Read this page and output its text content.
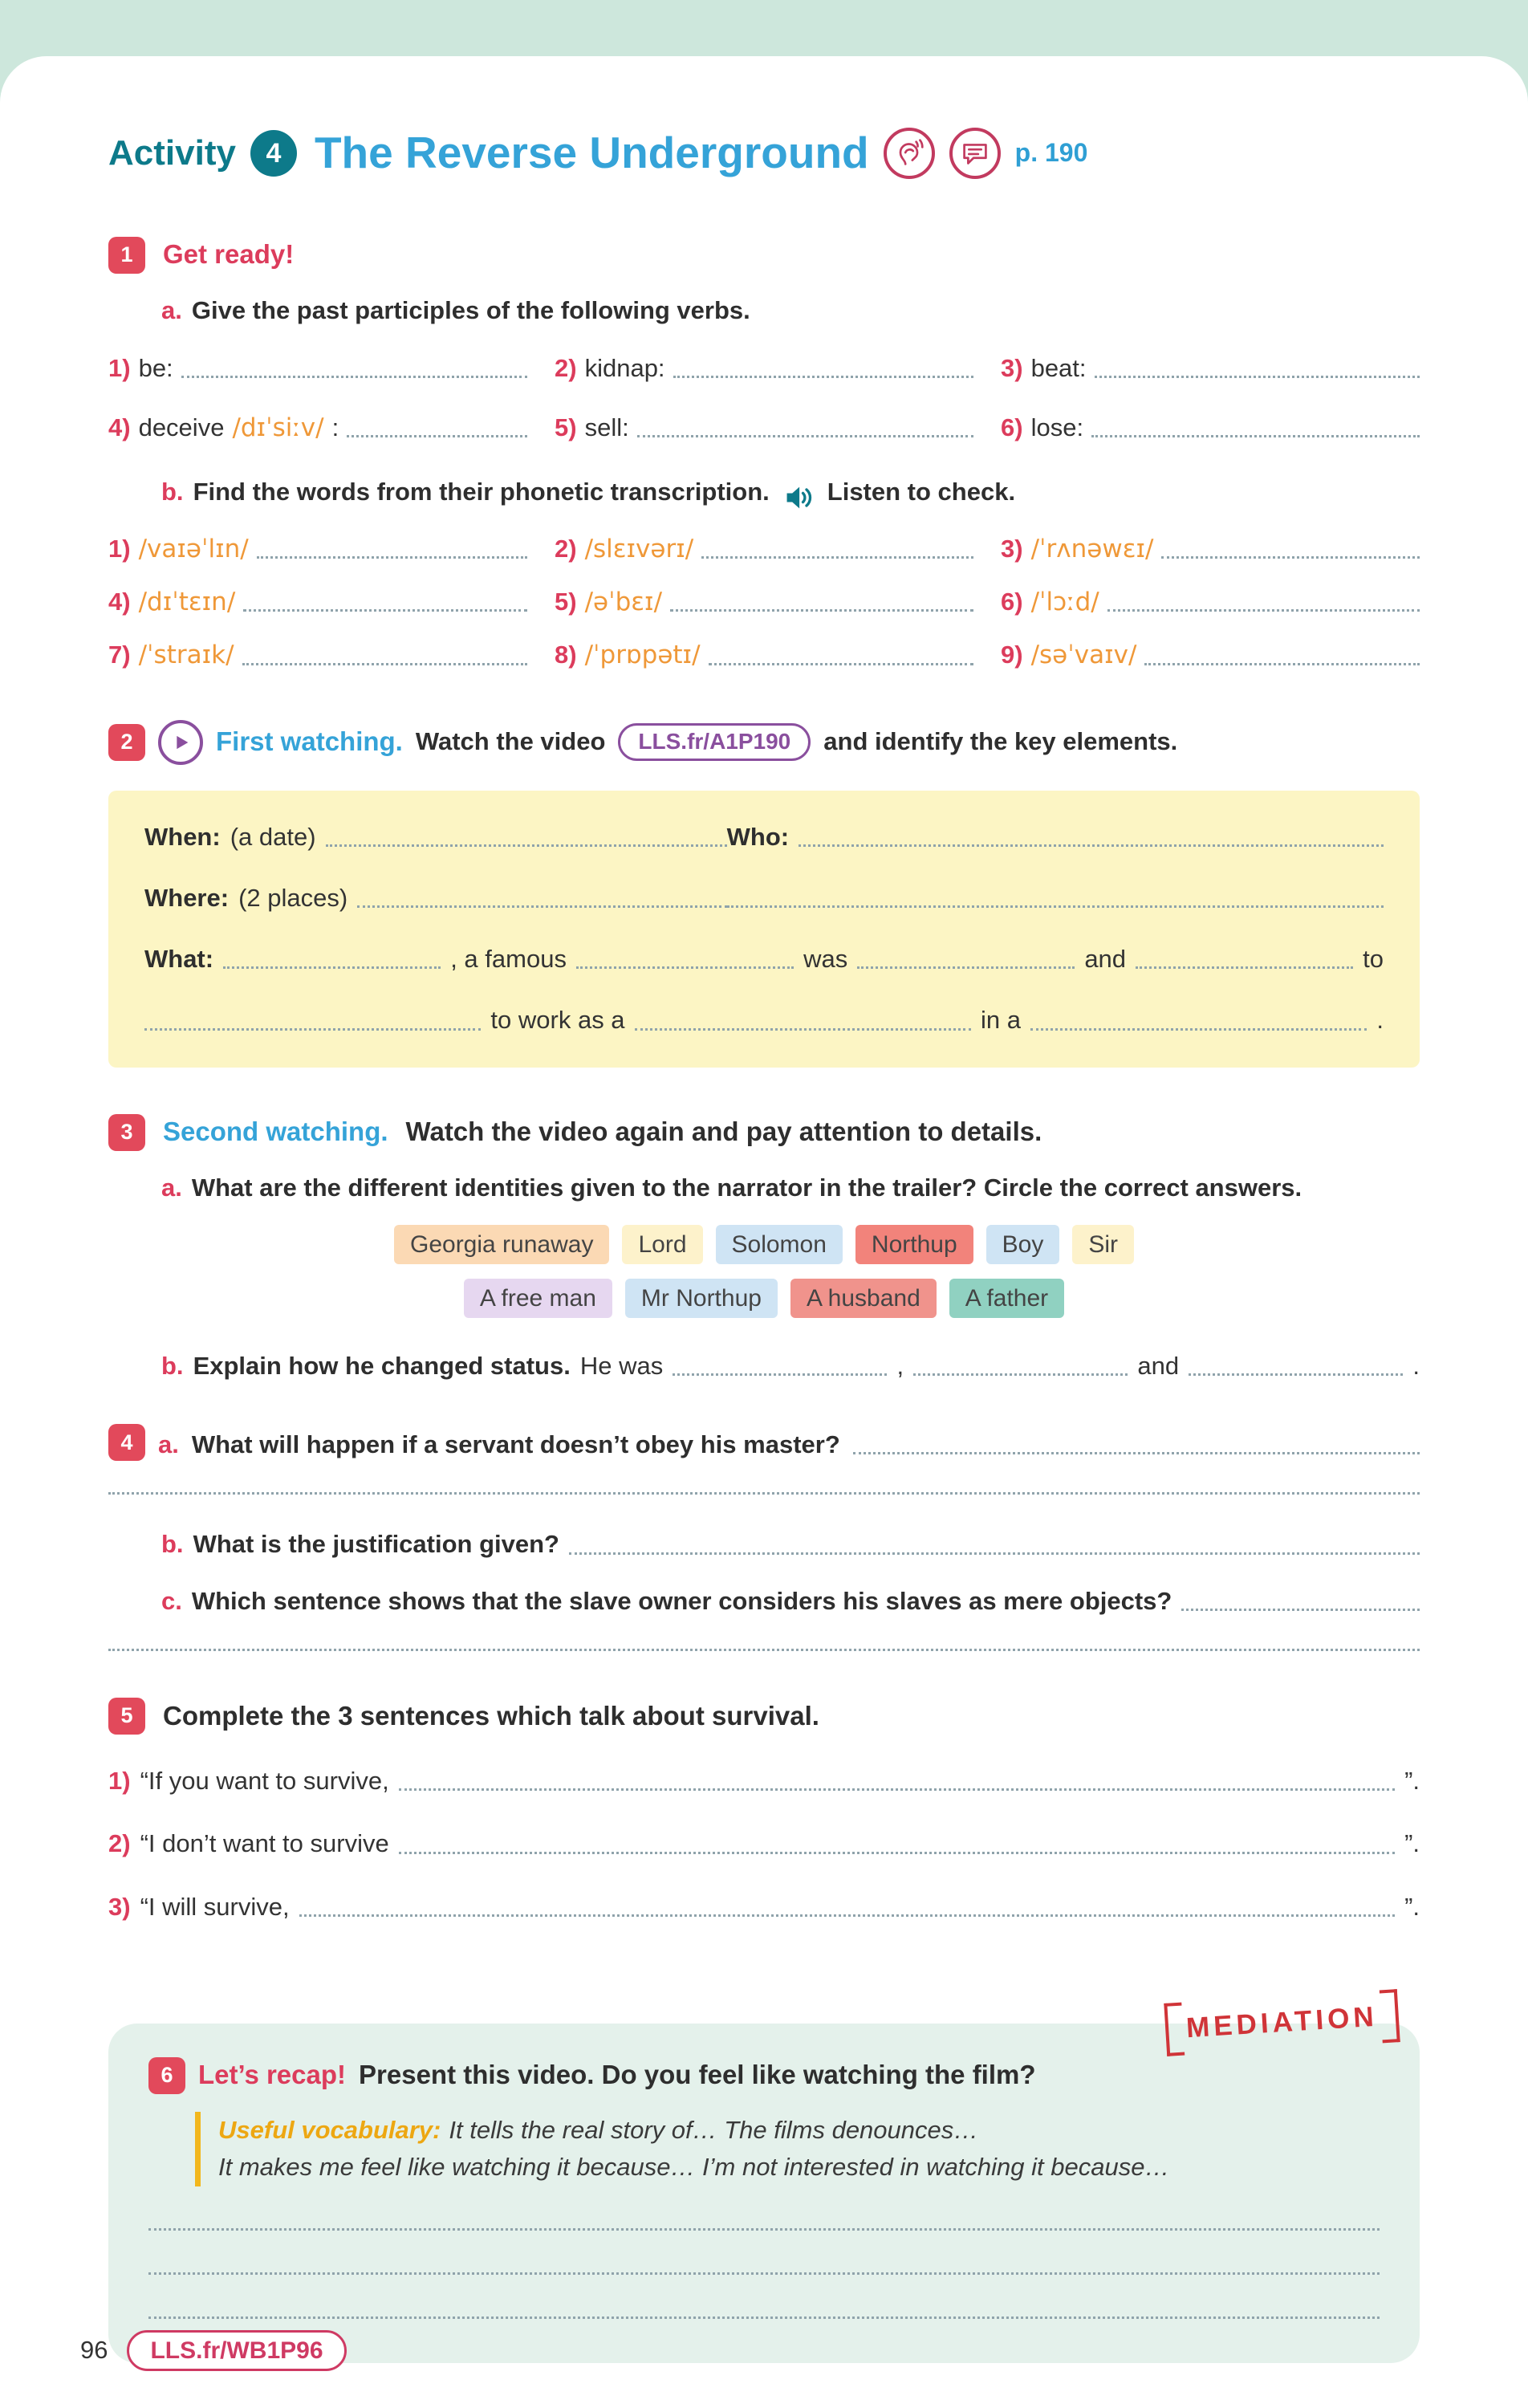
Activity	4 The Reverse Underground	p. 190
1	Get ready!
a. Give the past participles of the following verbs.
1) be:	2) kidnap:	3) beat:
4) deceive /dɪˈsiːv/ :	5) sell:	6) lose:
b. Find the words from their phonetic transcription. Listen to check.
1) /vaɪəˈlɪn/	2) /slɛɪvərɪ/	3) /ˈrʌnəwɛɪ/
4) /dɪˈtɛɪn/	5) /əˈbɛɪ/	6) /ˈlɔːd/
7) /ˈstraɪk/	8) /ˈprɒpətɪ/	9) /səˈvaɪv/
2	First watching. Watch the video	LLS.fr/A1P190	and identify the key elements.
When: (a date)	Who:
Where: (2 places)
What:	, a famous	was	and	to
to work as a	in a	.
3	Second watching. Watch the video again and pay attention to details.
a. What are the different identities given to the narrator in the trailer? Circle the correct answers.
Georgia runaway	Lord	Solomon	Northup	Boy	Sir
A free man	Mr Northup	A husband	A father
b. Explain how he changed status. He was	,	and	.
4	a. What will happen if a servant doesn’t obey his master?
b. What is the justification given?
c. Which sentence shows that the slave owner considers his slaves as mere objects?
5	Complete the 3 sentences which talk about survival.
1) “If you want to survive,	”.
2) “I don’t want to survive	”.
3) “I will survive,	”.
MEDIATION
6 Let’s recap! Present this video. Do you feel like watching the film?
Useful vocabulary: It tells the real story of… The films denounces…
It makes me feel like watching it because… I’m not interested in watching it because…
96	LLS.fr/WB1P96
